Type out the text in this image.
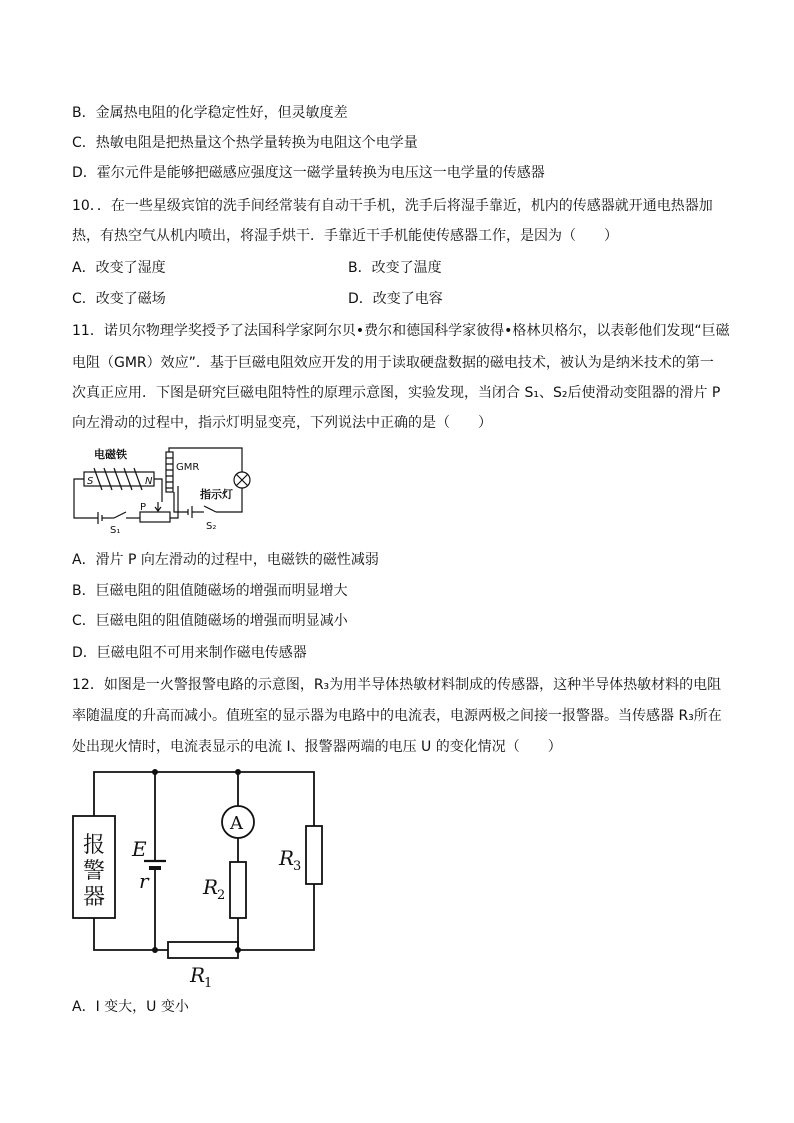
B．金属热电阻的化学稳定性好，但灵敏度差
C．热敏电阻是把热量这个热学量转换为电阻这个电学量
D．霍尔元件是能够把磁感应强度这一磁学量转换为电压这一电学量的传感器
10．．在一些星级宾馆的洗手间经常装有自动干手机，洗手后将湿手靠近，机内的传感器就开通电热器加
热，有热空气从机内喷出，将湿手烘干．手靠近干手机能使传感器工作，是因为（　　）
A．改变了湿度	B．改变了温度
C．改变了磁场	D．改变了电容
11．诺贝尔物理学奖授予了法国科学家阿尔贝•费尔和德国科学家彼得•格林贝格尔，以表彰他们发现“巨磁
电阻（GMR）效应”．基于巨磁电阻效应开发的用于读取硬盘数据的磁电技术，被认为是纳米技术的第一
次真正应用．下图是研究巨磁电阻特性的原理示意图，实验发现，当闭合 S₁、S₂后使滑动变阻器的滑片 P
向左滑动的过程中，指示灯明显变亮，下列说法中正确的是（　　）
电磁铁
S	N
GMR
指示灯
P
S₁	S₂
A．滑片 P 向左滑动的过程中，电磁铁的磁性减弱
B．巨磁电阻的阻值随磁场的增强而明显增大
C．巨磁电阻的阻值随磁场的增强而明显减小
D．巨磁电阻不可用来制作磁电传感器
12．如图是一火警报警电路的示意图，R₃为用半导体热敏材料制成的传感器，这种半导体热敏材料的电阻
率随温度的升高而减小。值班室的显示器为电路中的电流表，电源两极之间接一报警器。当传感器 R₃所在
处出现火情时，电流表显示的电流 I、报警器两端的电压 U 的变化情况（　　）
报
警
器
E
r
A
R
1
R
2
R
3
A．I 变大，U 变小
